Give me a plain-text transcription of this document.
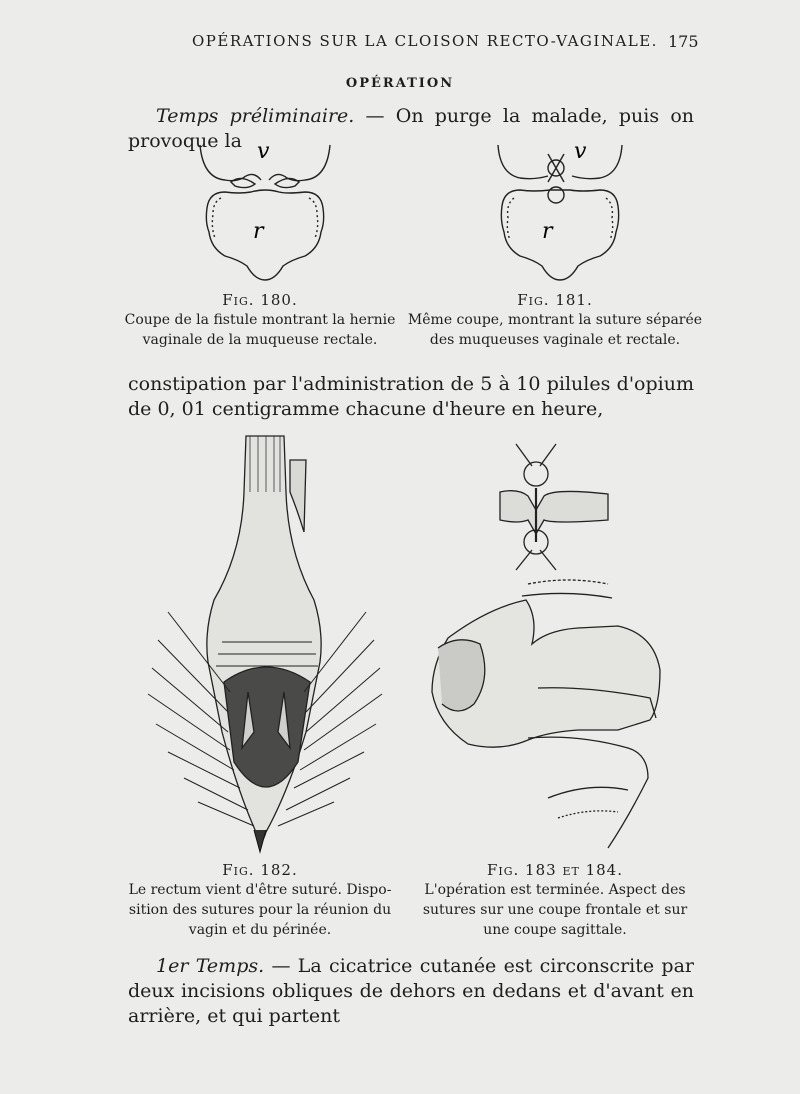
OPÉRATIONS SUR LA CLOISON RECTO-VAGINALE. 175
OPÉRATION
Temps préliminaire. — On purge la malade, puis on provoque la v
r
v
r
Fig. 180.
Coupe de la fistule montrant la hernie
vaginale de la muqueuse rectale.
Fig. 181.
Même coupe, montrant la suture séparée
des muqueuses vaginale et rectale.
constipation par l'administration de 5 à 10 pilules d'opium de 0, 01 centigramme chacune d'heure en heure,
Fig. 182.
Le rectum vient d'être suturé. Dispo-
sition des sutures pour la réunion du
vagin et du périnée.
Fig. 183 et 184.
L'opération est terminée. Aspect des
sutures sur une coupe frontale et sur
une coupe sagittale.
1er Temps. — La cicatrice cutanée est circonscrite par deux incisions obliques de dehors en dedans et d'avant en arrière, et qui partent
